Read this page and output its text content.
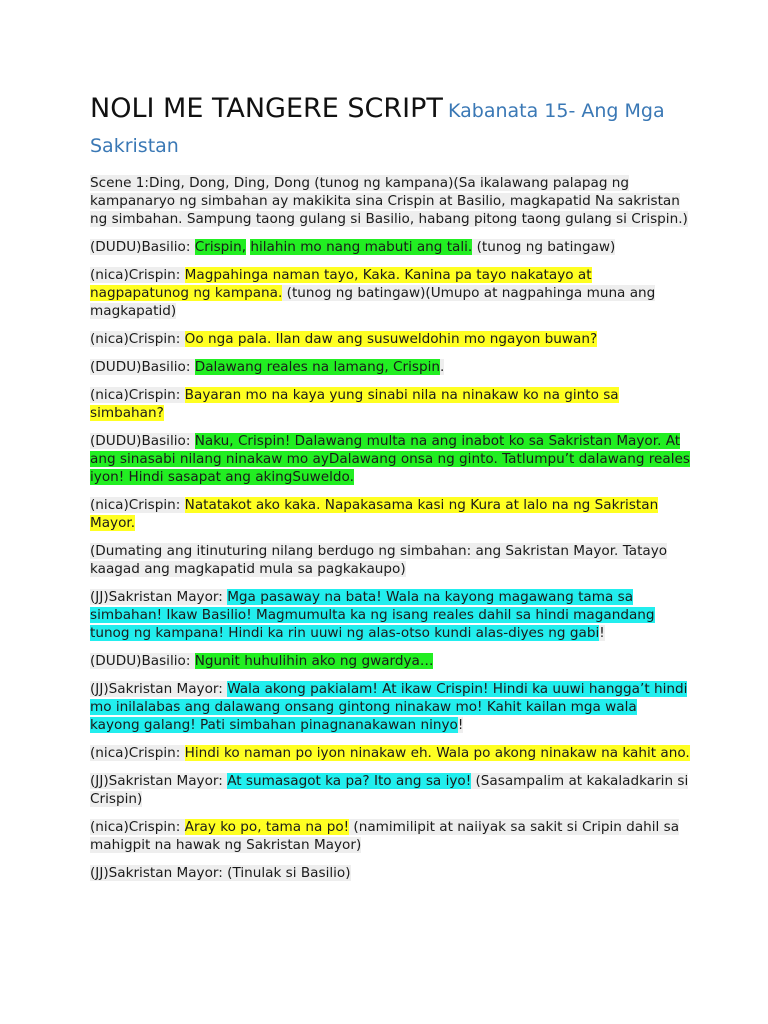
NOLI ME TANGERE SCRIPT Kabanata 15- Ang Mga Sakristan

Scene 1:Ding, Dong, Ding, Dong (tunog ng kampana)(Sa ikalawang palapag ng kampanaryo ng simbahan ay makikita sina Crispin at Basilio, magkapatid Na sakristan ng simbahan. Sampung taong gulang si Basilio, habang pitong taong gulang si Crispin.)

(DUDU)Basilio: Crispin, hilahin mo nang mabuti ang tali. (tunog ng batingaw)

(nica)Crispin: Magpahinga naman tayo, Kaka. Kanina pa tayo nakatayo at nagpapatunog ng kampana. (tunog ng batingaw)(Umupo at nagpahinga muna ang magkapatid)

(nica)Crispin: Oo nga pala. Ilan daw ang susuweldohin mo ngayon buwan?

(DUDU)Basilio: Dalawang reales na lamang, Crispin.

(nica)Crispin: Bayaran mo na kaya yung sinabi nila na ninakaw ko na ginto sa simbahan?

(DUDU)Basilio: Naku, Crispin! Dalawang multa na ang inabot ko sa Sakristan Mayor. At ang sinasabi nilang ninakaw mo ayDalawang onsa ng ginto. Tatlumpu’t dalawang reales iyon! Hindi sasapat ang akingSuweldo.

(nica)Crispin: Natatakot ako kaka. Napakasama kasi ng Kura at lalo na ng Sakristan Mayor.

(Dumating ang itinuturing nilang berdugo ng simbahan: ang Sakristan Mayor. Tatayo kaagad ang magkapatid mula sa pagkakaupo)

(JJ)Sakristan Mayor: Mga pasaway na bata! Wala na kayong magawang tama sa simbahan! Ikaw Basilio! Magmumulta ka ng isang reales dahil sa hindi magandang tunog ng kampana! Hindi ka rin uuwi ng alas-otso kundi alas-diyes ng gabi!

(DUDU)Basilio: Ngunit huhulihin ako ng gwardya…

(JJ)Sakristan Mayor: Wala akong pakialam! At ikaw Crispin! Hindi ka uuwi hangga’t hindi mo inilalabas ang dalawang onsang gintong ninakaw mo! Kahit kailan mga wala kayong galang! Pati simbahan pinagnanakawan ninyo!

(nica)Crispin: Hindi ko naman po iyon ninakaw eh. Wala po akong ninakaw na kahit ano.

(JJ)Sakristan Mayor: At sumasagot ka pa? Ito ang sa iyo! (Sasampalim at kakaladkarin si Crispin)

(nica)Crispin: Aray ko po, tama na po! (namimilipit at naiiyak sa sakit si Cripin dahil sa mahigpit na hawak ng Sakristan Mayor)

(JJ)Sakristan Mayor: (Tinulak si Basilio)
